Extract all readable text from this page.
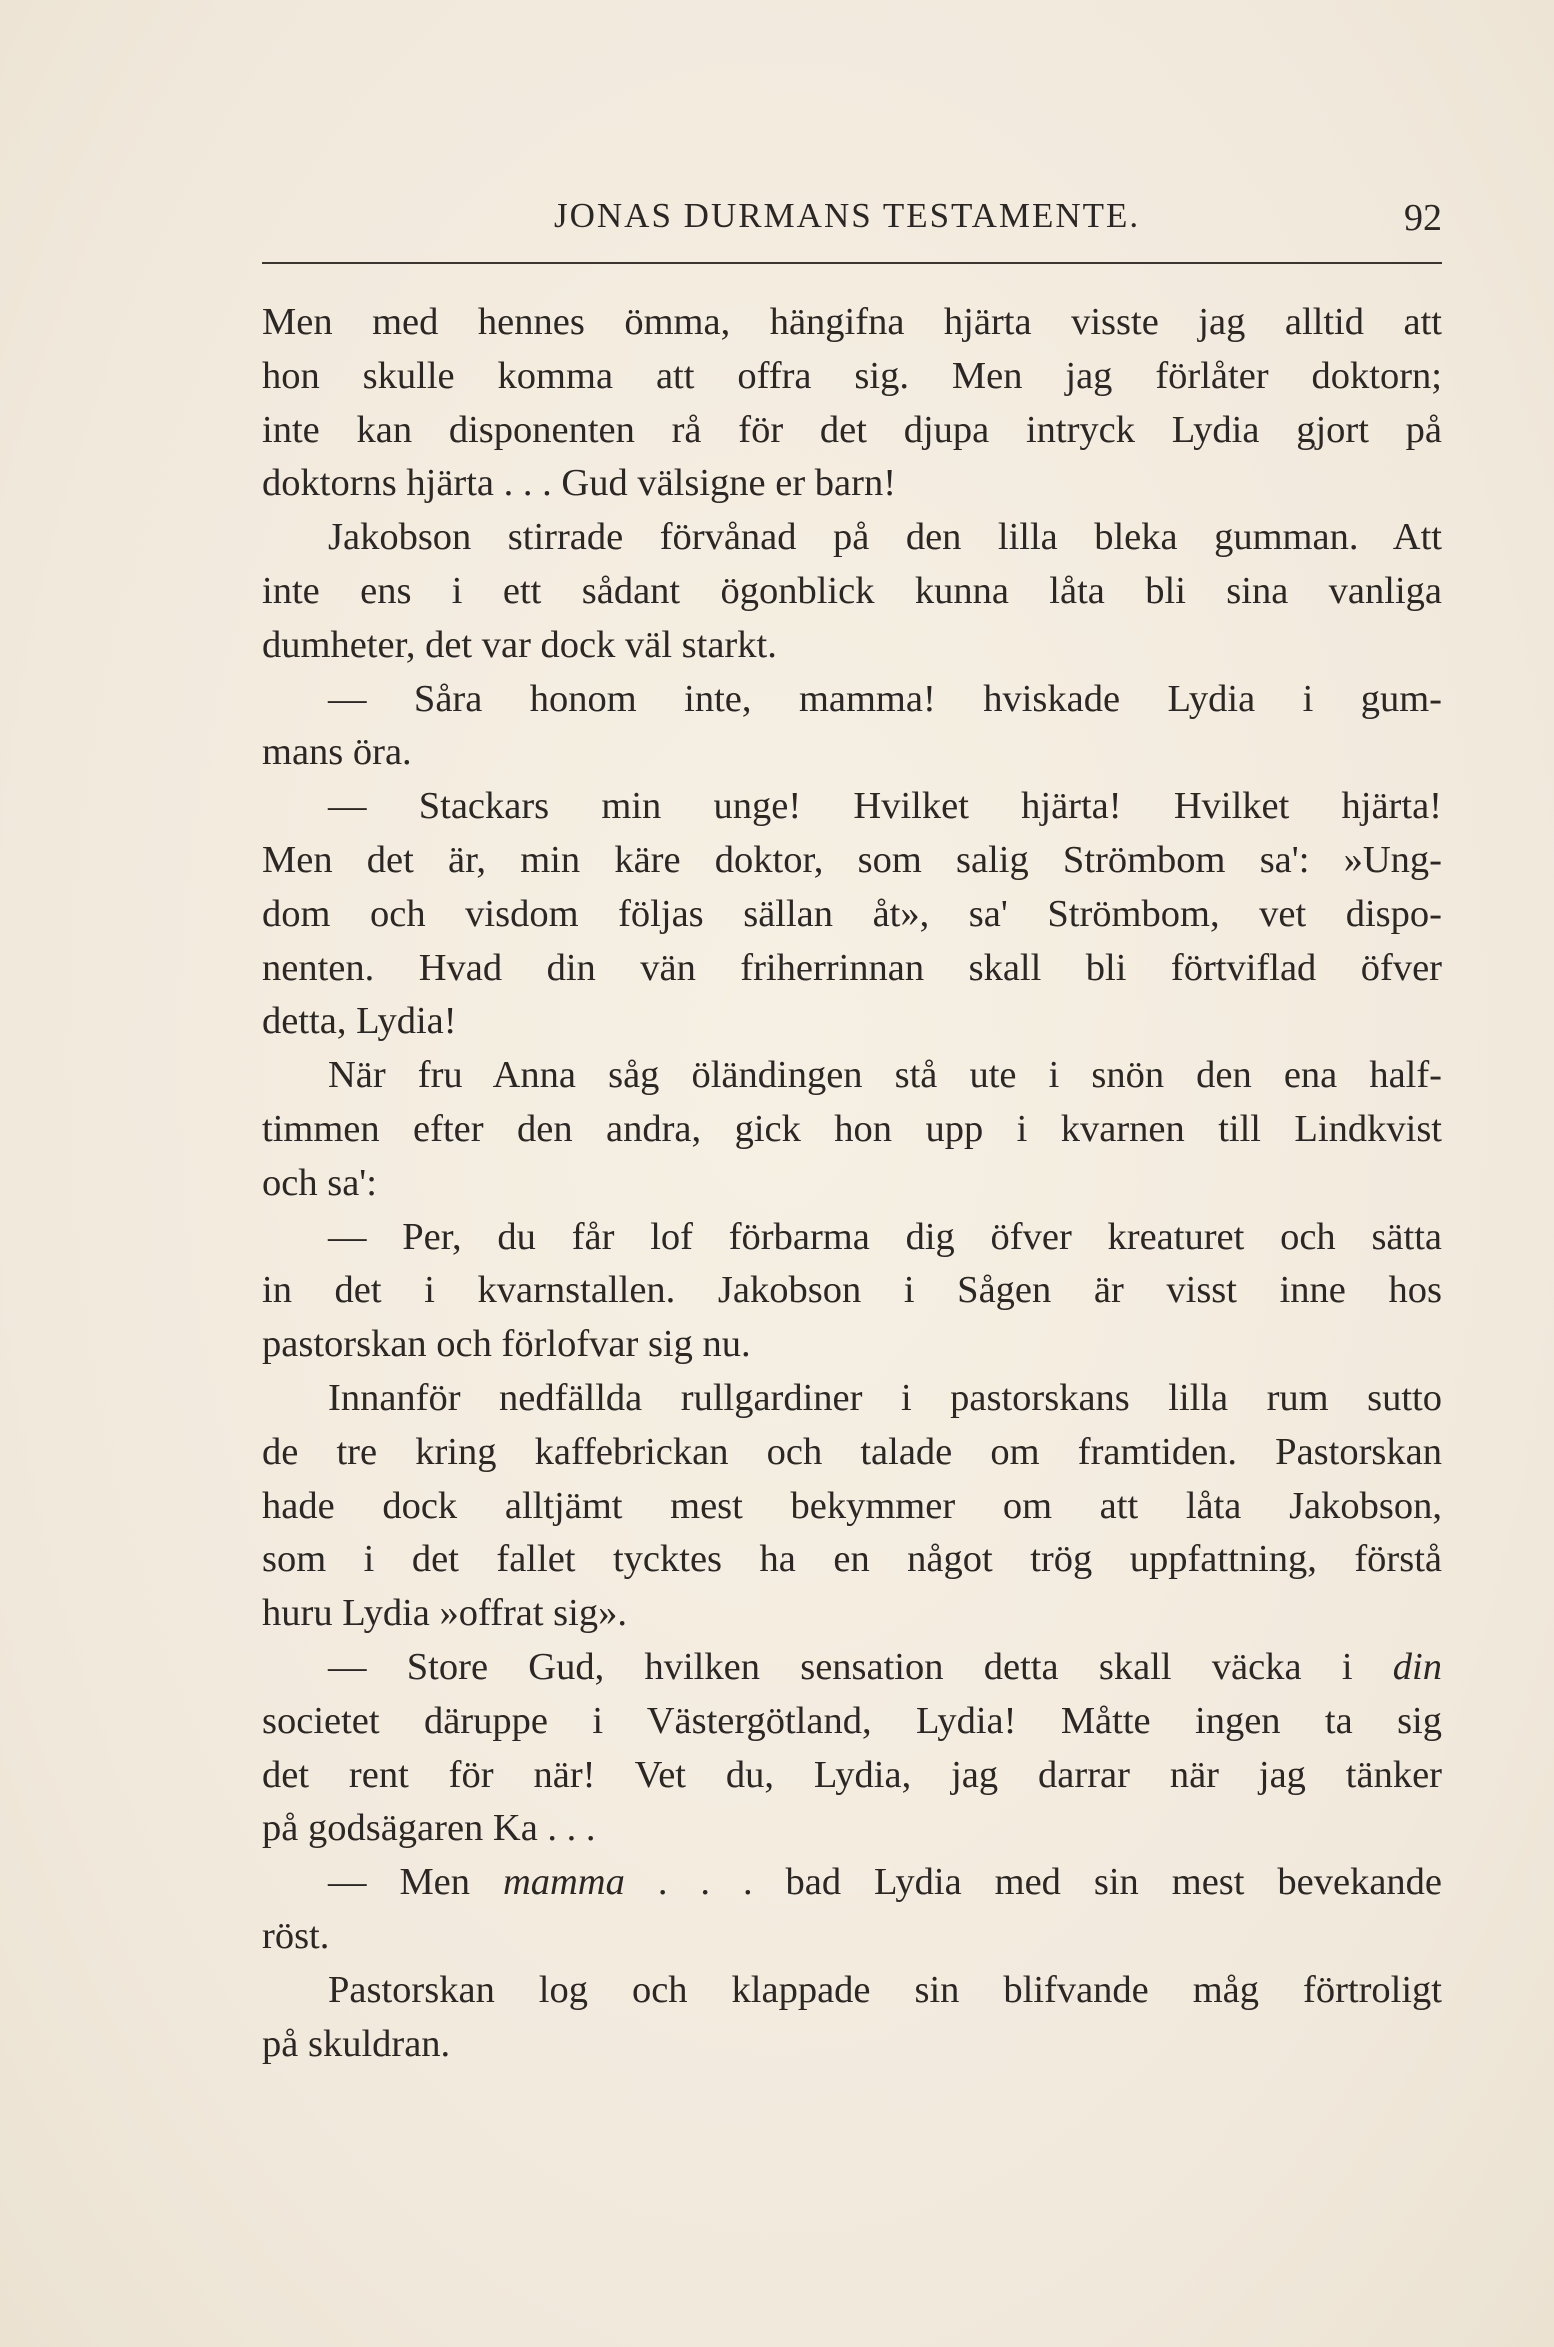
JONAS DURMANS TESTAMENTE.	92
Men med hennes ömma, hängifna hjärta visste jag alltid att
hon skulle komma att offra sig. Men jag förlåter doktorn;
inte kan disponenten rå för det djupa intryck Lydia gjort på
doktorns hjärta . . . Gud välsigne er barn!
Jakobson stirrade förvånad på den lilla bleka gumman. Att
inte ens i ett sådant ögonblick kunna låta bli sina vanliga
dumheter, det var dock väl starkt.
— Såra honom inte, mamma! hviskade Lydia i gum-
mans öra.
— Stackars min unge! Hvilket hjärta! Hvilket hjärta!
Men det är, min käre doktor, som salig Strömbom sa': »Ung-
dom och visdom följas sällan åt», sa' Strömbom, vet dispo-
nenten. Hvad din vän friherrinnan skall bli förtviflad öfver
detta, Lydia!
När fru Anna såg öländingen stå ute i snön den ena half-
timmen efter den andra, gick hon upp i kvarnen till Lindkvist
och sa':
— Per, du får lof förbarma dig öfver kreaturet och sätta
in det i kvarnstallen. Jakobson i Sågen är visst inne hos
pastorskan och förlofvar sig nu.
Innanför nedfällda rullgardiner i pastorskans lilla rum sutto
de tre kring kaffebrickan och talade om framtiden. Pastorskan
hade dock alltjämt mest bekymmer om att låta Jakobson,
som i det fallet tycktes ha en något trög uppfattning, förstå
huru Lydia »offrat sig».
— Store Gud, hvilken sensation detta skall väcka i din
societet däruppe i Västergötland, Lydia! Måtte ingen ta sig
det rent för när! Vet du, Lydia, jag darrar när jag tänker
på godsägaren Ka . . .
— Men mamma . . . bad Lydia med sin mest bevekande
röst.
Pastorskan log och klappade sin blifvande måg förtroligt
på skuldran.
